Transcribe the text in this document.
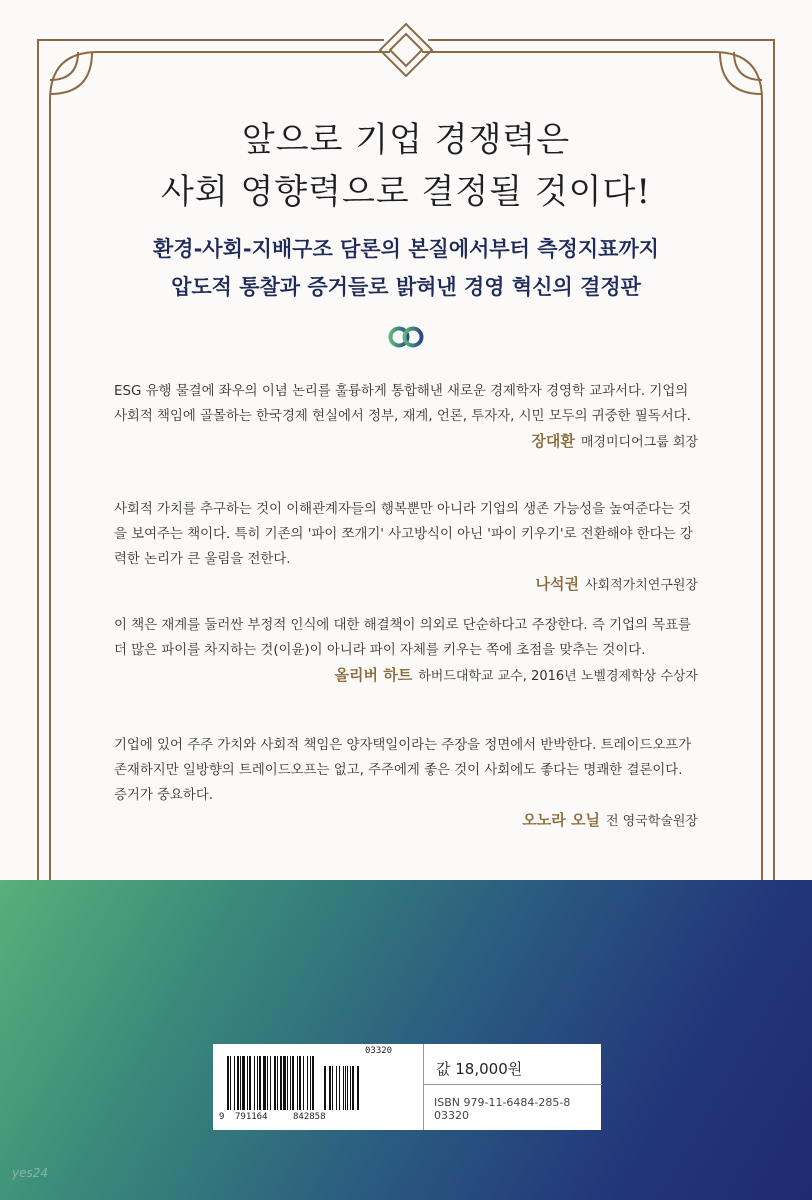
앞으로 기업 경쟁력은
사회 영향력으로 결정될 것이다!
환경-사회-지배구조 담론의 본질에서부터 측정지표까지
압도적 통찰과 증거들로 밝혀낸 경영 혁신의 결정판

ESG 유행 물결에 좌우의 이념 논리를 훌륭하게 통합해낸 새로운 경제학자 경영학 교과서다. 기업의 사회적 책임에 골몰하는 한국경제 현실에서 정부, 재계, 언론, 투자자, 시민 모두의 귀중한 필독서다.

장대환 매경미디어그룹 회장

사회적 가치를 추구하는 것이 이해관계자들의 행복뿐만 아니라 기업의 생존 가능성을 높여준다는 것을 보여주는 책이다. 특히 기존의 '파이 쪼개기' 사고방식이 아닌 '파이 키우기'로 전환해야 한다는 강력한 논리가 큰 울림을 전한다.

나석권 사회적가치연구원장

이 책은 재계를 둘러싼 부정적 인식에 대한 해결책이 의외로 단순하다고 주장한다. 즉 기업의 목표를 더 많은 파이를 차지하는 것(이윤)이 아니라 파이 자체를 키우는 쪽에 초점을 맞추는 것이다.

올리버 하트 하버드대학교 교수, 2016년 노벨경제학상 수상자

기업에 있어 주주 가치와 사회적 책임은 양자택일이라는 주장을 정면에서 반박한다. 트레이드오프가 존재하지만 일방향의 트레이드오프는 없고, 주주에게 좋은 것이 사회에도 좋다는 명쾌한 결론이다. 증거가 중요하다.

오노라 오닐 전 영국학술원장
03320
9 791164	842858
값 18,000원
ISBN 979-11-6484-285-8 03320
yes24
